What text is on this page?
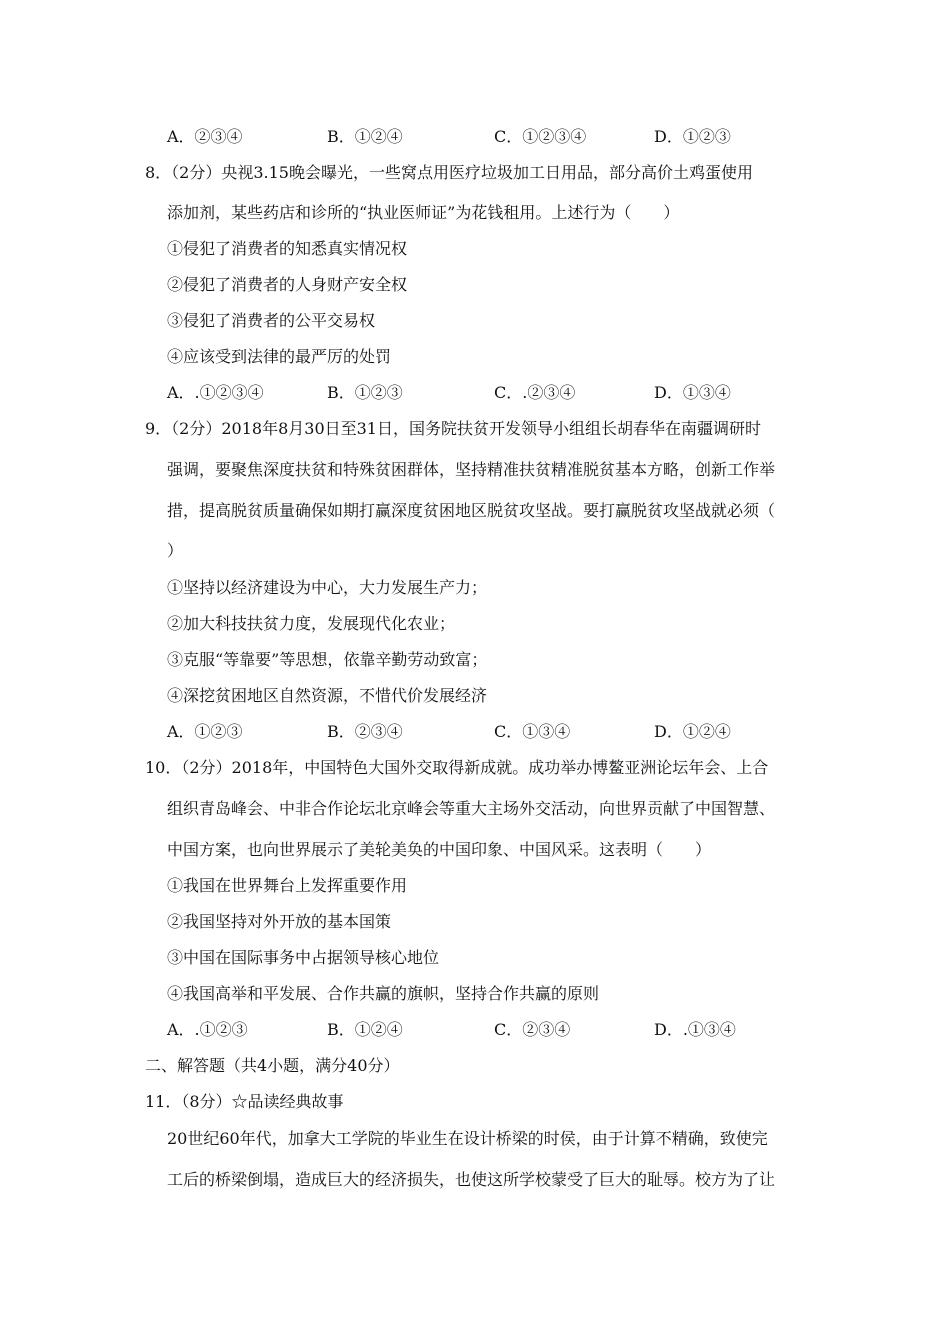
A．②③④	B．①②④	C．①②③④	D．①②③
8．（2分）央视3.15晚会曝光，一些窝点用医疗垃圾加工日用品，部分高价土鸡蛋使用
添加剂，某些药店和诊所的“执业医师证”为花钱租用。上述行为（　　）
①侵犯了消费者的知悉真实情况权
②侵犯了消费者的人身财产安全权
③侵犯了消费者的公平交易权
④应该受到法律的最严厉的处罚
A．.①②③④	B．①②③	C．.②③④	D．①③④
9．（2分）2018年8月30日至31日，国务院扶贫开发领导小组组长胡春华在南疆调研时
强调，要聚焦深度扶贫和特殊贫困群体，坚持精准扶贫精准脱贫基本方略，创新工作举
措，提高脱贫质量确保如期打赢深度贫困地区脱贫攻坚战。要打赢脱贫攻坚战就必须（
）
①坚持以经济建设为中心，大力发展生产力；
②加大科技扶贫力度，发展现代化农业；
③克服“等靠要”等思想，依靠辛勤劳动致富；
④深挖贫困地区自然资源，不惜代价发展经济
A．①②③	B．②③④	C．①③④	D．①②④
10．（2分）2018年，中国特色大国外交取得新成就。成功举办博鳌亚洲论坛年会、上合
组织青岛峰会、中非合作论坛北京峰会等重大主场外交活动，向世界贡献了中国智慧、
中国方案，也向世界展示了美轮美奂的中国印象、中国风采。这表明（　　）
①我国在世界舞台上发挥重要作用
②我国坚持对外开放的基本国策
③中国在国际事务中占据领导核心地位
④我国高举和平发展、合作共赢的旗帜，坚持合作共赢的原则
A．.①②③	B．①②④	C．②③④	D．.①③④
二、解答题（共4小题，满分40分）
11．（8分）☆品读经典故事
20世纪60年代，加拿大工学院的毕业生在设计桥梁的时侯，由于计算不精确，致使完
工后的桥梁倒塌，造成巨大的经济损失，也使这所学校蒙受了巨大的耻辱。校方为了让
